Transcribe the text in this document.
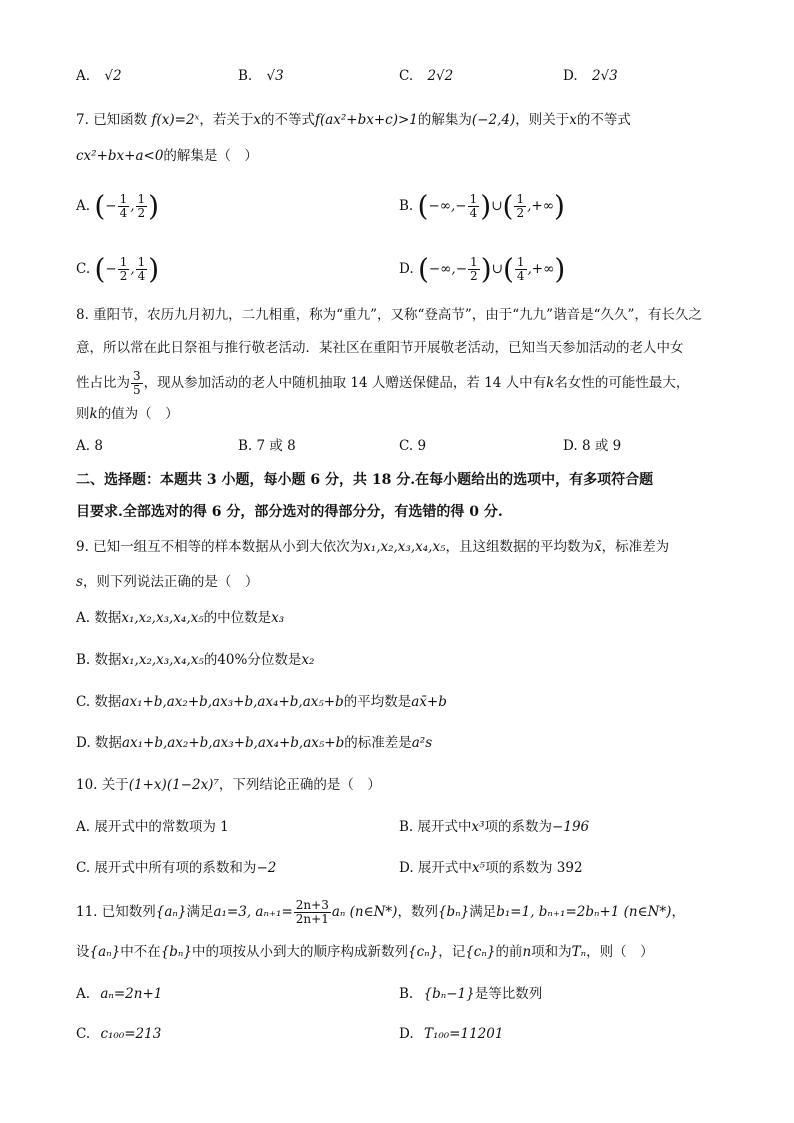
A. √2	B. √3	C. 2√2	D. 2√3
7. 已知函数 f(x)=2ˣ，若关于x的不等式f(ax²+bx+c)>1的解集为(−2,4)，则关于x的不等式
cx²+bx+a<0的解集是（　）
A. (− $\frac{1}{4}$ , $\frac{1}{2}$ )	B. (−∞,− $\frac{1}{4}$ )∪( $\frac{1}{2}$ ,+∞)
C. (− $\frac{1}{2}$ , $\frac{1}{4}$ )	D. (−∞,− $\frac{1}{2}$ )∪( $\frac{1}{4}$ ,+∞)
8. 重阳节，农历九月初九，二九相重，称为“重九”，又称“登高节”，由于“九九”谐音是“久久”，有长久之
意，所以常在此日祭祖与推行敬老活动．某社区在重阳节开展敬老活动，已知当天参加活动的老人中女
性占比为 $\frac{3}{5}$ ，现从参加活动的老人中随机抽取 14 人赠送保健品，若 14 人中有k名女性的可能性最大，
则k的值为（　）
A. 8	B. 7 或 8	C. 9	D. 8 或 9
二、选择题：本题共 3 小题，每小题 6 分，共 18 分.在每小题给出的选项中，有多项符合题
目要求.全部选对的得 6 分，部分选对的得部分分，有选错的得 0 分.
9. 已知一组互不相等的样本数据从小到大依次为x₁,x₂,x₃,x₄,x₅，且这组数据的平均数为x̄，标准差为
s，则下列说法正确的是（　）
A. 数据x₁,x₂,x₃,x₄,x₅的中位数是x₃
B. 数据x₁,x₂,x₃,x₄,x₅的40%分位数是x₂
C. 数据ax₁+b,ax₂+b,ax₃+b,ax₄+b,ax₅+b的平均数是ax̄+b
D. 数据ax₁+b,ax₂+b,ax₃+b,ax₄+b,ax₅+b的标准差是a²s
10. 关于(1+x)(1−2x)⁷，下列结论正确的是（　）
A. 展开式中的常数项为 1	B. 展开式中x³项的系数为−196
C. 展开式中所有项的系数和为−2	D. 展开式中x⁵项的系数为 392
11. 已知数列{aₙ}满足a₁=3, $a_{n+1}= \frac{2n+3}{2n+1}$ aₙ (n∈N*)，数列{bₙ}满足b₁=1, bₙ₊₁=2bₙ+1 (n∈N*)，
设{aₙ}中不在{bₙ}中的项按从小到大的顺序构成新数列{cₙ}，记{cₙ}的前n项和为Tₙ，则（　）
A. aₙ=2n+1	B. {bₙ−1}是等比数列
C. c₁₀₀=213	D. T₁₀₀=11201
